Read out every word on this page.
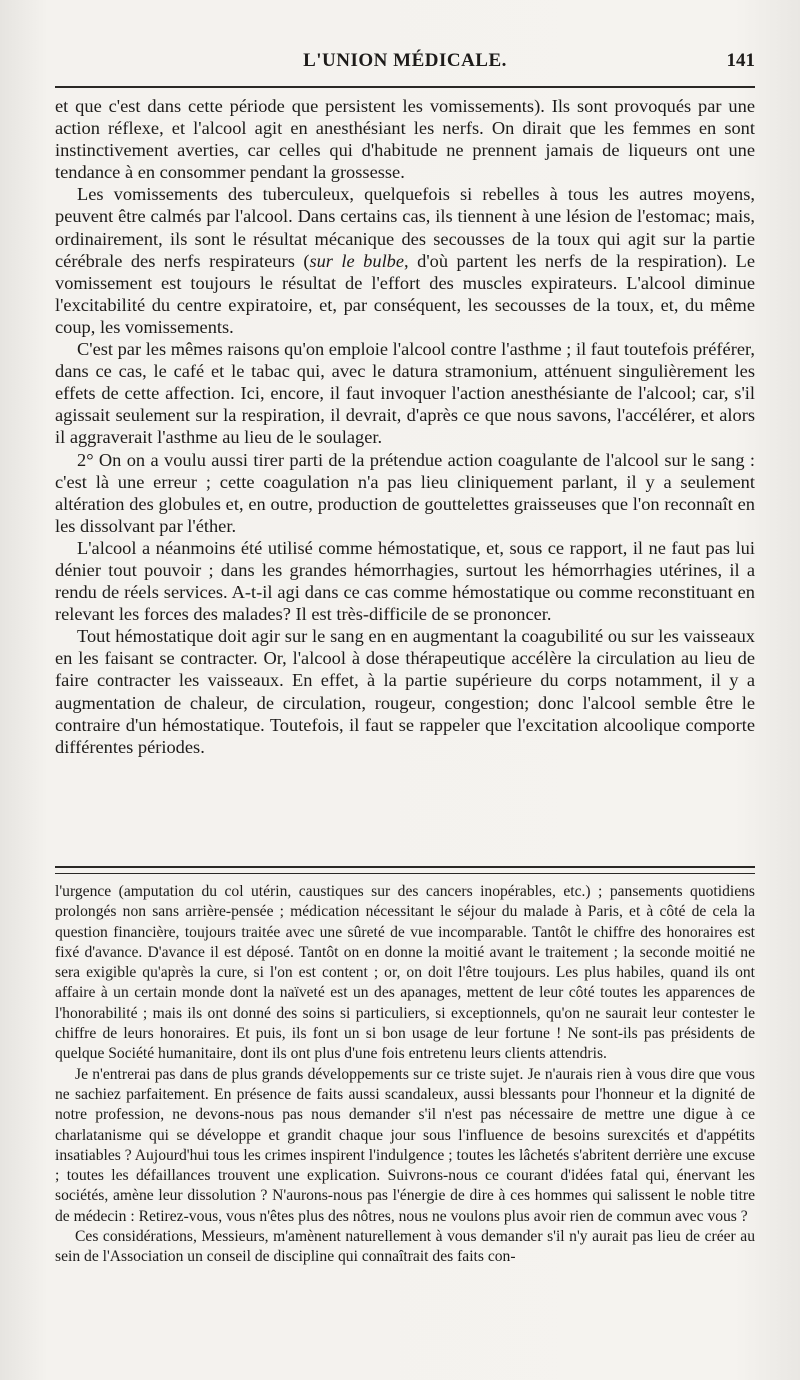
L'UNION MÉDICALE.	141

et que c'est dans cette période que persistent les vomissements). Ils sont provoqués par une action réflexe, et l'alcool agit en anesthésiant les nerfs. On dirait que les femmes en sont instinctivement averties, car celles qui d'habitude ne prennent jamais de liqueurs ont une tendance à en consommer pendant la grossesse.

Les vomissements des tuberculeux, quelquefois si rebelles à tous les autres moyens, peuvent être calmés par l'alcool. Dans certains cas, ils tiennent à une lésion de l'estomac; mais, ordinairement, ils sont le résultat mécanique des secousses de la toux qui agit sur la partie cérébrale des nerfs respirateurs (sur le bulbe, d'où partent les nerfs de la respiration). Le vomissement est toujours le résultat de l'effort des muscles expirateurs. L'alcool diminue l'excitabilité du centre expiratoire, et, par conséquent, les secousses de la toux, et, du même coup, les vomissements.

C'est par les mêmes raisons qu'on emploie l'alcool contre l'asthme ; il faut toutefois préférer, dans ce cas, le café et le tabac qui, avec le datura stramonium, atténuent singulièrement les effets de cette affection. Ici, encore, il faut invoquer l'action anesthésiante de l'alcool; car, s'il agissait seulement sur la respiration, il devrait, d'après ce que nous savons, l'accélérer, et alors il aggraverait l'asthme au lieu de le soulager.

2° On on a voulu aussi tirer parti de la prétendue action coagulante de l'alcool sur le sang : c'est là une erreur ; cette coagulation n'a pas lieu cliniquement parlant, il y a seulement altération des globules et, en outre, production de gouttelettes graisseuses que l'on reconnaît en les dissolvant par l'éther.

L'alcool a néanmoins été utilisé comme hémostatique, et, sous ce rapport, il ne faut pas lui dénier tout pouvoir ; dans les grandes hémorrhagies, surtout les hémorrhagies utérines, il a rendu de réels services. A-t-il agi dans ce cas comme hémostatique ou comme reconstituant en relevant les forces des malades? Il est très-difficile de se prononcer.

Tout hémostatique doit agir sur le sang en en augmentant la coagubilité ou sur les vaisseaux en les faisant se contracter. Or, l'alcool à dose thérapeutique accélère la circulation au lieu de faire contracter les vaisseaux. En effet, à la partie supérieure du corps notamment, il y a augmentation de chaleur, de circulation, rougeur, congestion; donc l'alcool semble être le contraire d'un hémostatique. Toutefois, il faut se rappeler que l'excitation alcoolique comporte différentes périodes.

l'urgence (amputation du col utérin, caustiques sur des cancers inopérables, etc.) ; pansements quotidiens prolongés non sans arrière-pensée ; médication nécessitant le séjour du malade à Paris, et à côté de cela la question financière, toujours traitée avec une sûreté de vue incomparable. Tantôt le chiffre des honoraires est fixé d'avance. D'avance il est déposé. Tantôt on en donne la moitié avant le traitement ; la seconde moitié ne sera exigible qu'après la cure, si l'on est content ; or, on doit l'être toujours. Les plus habiles, quand ils ont affaire à un certain monde dont la naïveté est un des apanages, mettent de leur côté toutes les apparences de l'honorabilité ; mais ils ont donné des soins si particuliers, si exceptionnels, qu'on ne saurait leur contester le chiffre de leurs honoraires. Et puis, ils font un si bon usage de leur fortune ! Ne sont-ils pas présidents de quelque Société humanitaire, dont ils ont plus d'une fois entretenu leurs clients attendris.

Je n'entrerai pas dans de plus grands développements sur ce triste sujet. Je n'aurais rien à vous dire que vous ne sachiez parfaitement. En présence de faits aussi scandaleux, aussi blessants pour l'honneur et la dignité de notre profession, ne devons-nous pas nous demander s'il n'est pas nécessaire de mettre une digue à ce charlatanisme qui se développe et grandit chaque jour sous l'influence de besoins surexcités et d'appétits insatiables ? Aujourd'hui tous les crimes inspirent l'indulgence ; toutes les lâchetés s'abritent derrière une excuse ; toutes les défaillances trouvent une explication. Suivrons-nous ce courant d'idées fatal qui, énervant les sociétés, amène leur dissolution ? N'aurons-nous pas l'énergie de dire à ces hommes qui salissent le noble titre de médecin : Retirez-vous, vous n'êtes plus des nôtres, nous ne voulons plus avoir rien de commun avec vous ?

Ces considérations, Messieurs, m'amènent naturellement à vous demander s'il n'y aurait pas lieu de créer au sein de l'Association un conseil de discipline qui connaîtrait des faits con-
